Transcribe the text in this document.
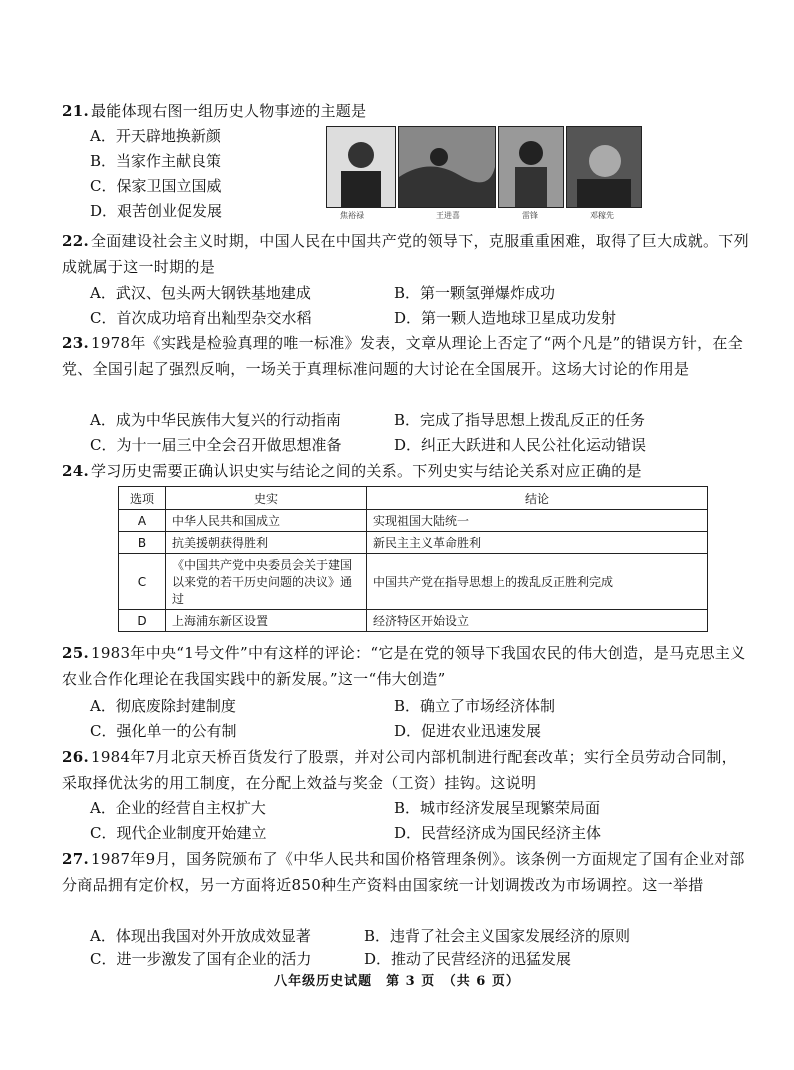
21. 最能体现右图一组历史人物事迹的主题是
A．开天辟地换新颜
B．当家作主献良策
C．保家卫国立国威
D．艰苦创业促发展	焦裕禄	王进喜	雷锋	邓稼先
22. 全面建设社会主义时期，中国人民在中国共产党的领导下，克服重重困难，取得了巨大成就。下列成就属于这一时期的是
A．武汉、包头两大钢铁基地建成	B．第一颗氢弹爆炸成功
C．首次成功培育出籼型杂交水稻	D．第一颗人造地球卫星成功发射
23. 1978年《实践是检验真理的唯一标准》发表，文章从理论上否定了“两个凡是”的错误方针，在全党、全国引起了强烈反响，一场关于真理标准问题的大讨论在全国展开。这场大讨论的作用是
A．成为中华民族伟大复兴的行动指南	B．完成了指导思想上拨乱反正的任务
C．为十一届三中全会召开做思想准备	D．纠正大跃进和人民公社化运动错误
24. 学习历史需要正确认识史实与结论之间的关系。下列史实与结论关系对应正确的是
选项	史实	结论
A	中华人民共和国成立	实现祖国大陆统一
B	抗美援朝获得胜利	新民主主义革命胜利
C	《中国共产党中央委员会关于建国以来党的若干历史问题的决议》通过	中国共产党在指导思想上的拨乱反正胜利完成
D	上海浦东新区设置	经济特区开始设立
25. 1983年中央“1号文件”中有这样的评论：“它是在党的领导下我国农民的伟大创造，是马克思主义农业合作化理论在我国实践中的新发展。”这一“伟大创造”
A．彻底废除封建制度	B．确立了市场经济体制
C．强化单一的公有制	D．促进农业迅速发展
26. 1984年7月北京天桥百货发行了股票，并对公司内部机制进行配套改革；实行全员劳动合同制，采取择优汰劣的用工制度，在分配上效益与奖金（工资）挂钩。这说明
A．企业的经营自主权扩大	B．城市经济发展呈现繁荣局面
C．现代企业制度开始建立	D．民营经济成为国民经济主体
27. 1987年9月，国务院颁布了《中华人民共和国价格管理条例》。该条例一方面规定了国有企业对部分商品拥有定价权，另一方面将近850种生产资料由国家统一计划调拨改为市场调控。这一举措
A．体现出我国对外开放成效显著	B．违背了社会主义国家发展经济的原则
C．进一步激发了国有企业的活力	D．推动了民营经济的迅猛发展
八年级历史试题　第 3 页　（共 6 页）
